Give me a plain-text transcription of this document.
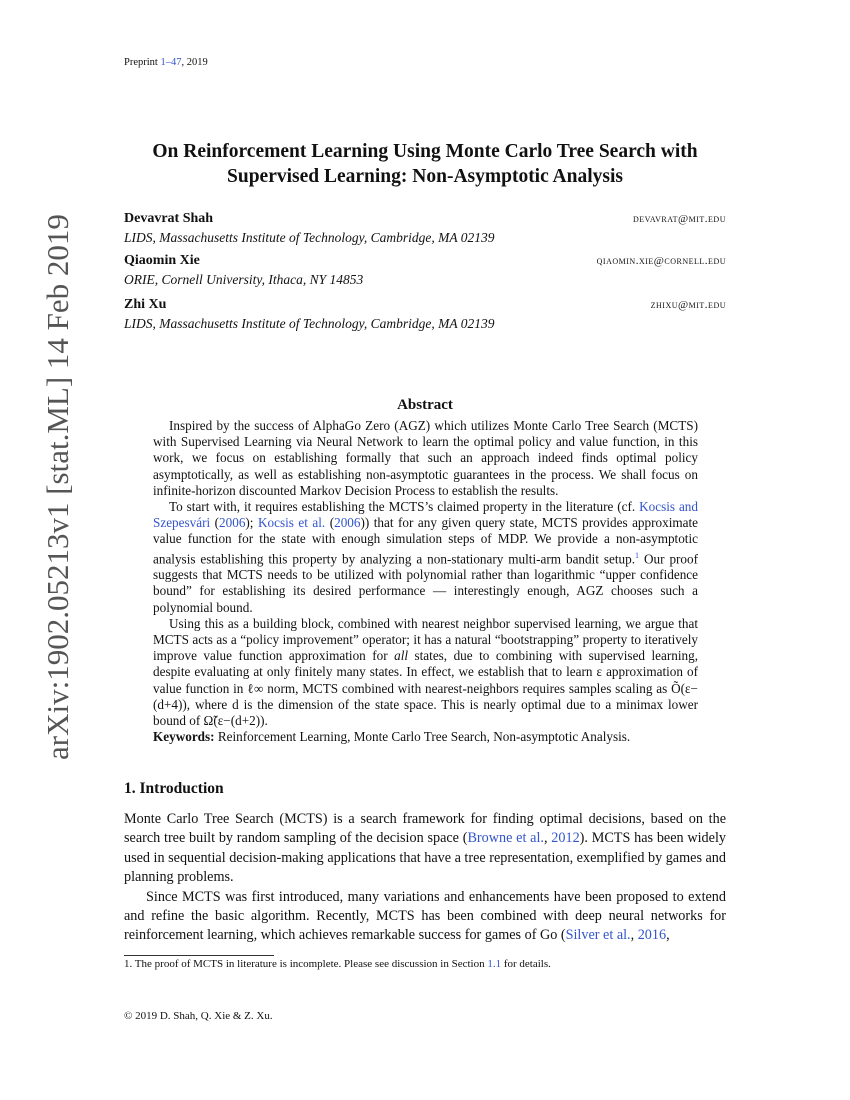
Preprint 1–47, 2019
arXiv:1902.05213v1 [stat.ML] 14 Feb 2019
On Reinforcement Learning Using Monte Carlo Tree Search with
Supervised Learning: Non-Asymptotic Analysis
Devavrat Shah	devavrat@mit.edu
LIDS, Massachusetts Institute of Technology, Cambridge, MA 02139
Qiaomin Xie	qiaomin.xie@cornell.edu
ORIE, Cornell University, Ithaca, NY 14853
Zhi Xu	zhixu@mit.edu
LIDS, Massachusetts Institute of Technology, Cambridge, MA 02139
Abstract

Inspired by the success of AlphaGo Zero (AGZ) which utilizes Monte Carlo Tree Search (MCTS) with Supervised Learning via Neural Network to learn the optimal policy and value function, in this work, we focus on establishing formally that such an approach indeed finds optimal policy asymptotically, as well as establishing non-asymptotic guarantees in the process. We shall focus on infinite-horizon discounted Markov Decision Process to establish the results.

To start with, it requires establishing the MCTS’s claimed property in the literature (cf. Kocsis and Szepesvári (2006); Kocsis et al. (2006)) that for any given query state, MCTS provides approximate value function for the state with enough simulation steps of MDP. We provide a non-asymptotic analysis establishing this property by analyzing a non-stationary multi-arm bandit setup.$^1$ Our proof suggests that MCTS needs to be utilized with polynomial rather than logarithmic “upper confidence bound” for establishing its desired performance — interestingly enough, AGZ chooses such a polynomial bound.

Using this as a building block, combined with nearest neighbor supervised learning, we argue that MCTS acts as a “policy improvement” operator; it has a natural “bootstrapping” property to iteratively improve value function approximation for all states, due to combining with supervised learning, despite evaluating at only finitely many states. In effect, we establish that to learn ε approximation of value function in ℓ∞ norm, MCTS combined with nearest-neighbors requires samples scaling as Õ(ε−(d+4)), where d is the dimension of the state space. This is nearly optimal due to a minimax lower bound of Ω̃(ε−(d+2)).

Keywords: Reinforcement Learning, Monte Carlo Tree Search, Non-asymptotic Analysis.

1. Introduction

Monte Carlo Tree Search (MCTS) is a search framework for finding optimal decisions, based on the search tree built by random sampling of the decision space (Browne et al., 2012). MCTS has been widely used in sequential decision-making applications that have a tree representation, exemplified by games and planning problems.

Since MCTS was first introduced, many variations and enhancements have been proposed to extend and refine the basic algorithm. Recently, MCTS has been combined with deep neural networks for reinforcement learning, which achieves remarkable success for games of Go (Silver et al., 2016,

1. The proof of MCTS in literature is incomplete. Please see discussion in Section 1.1 for details.
© 2019 D. Shah, Q. Xie & Z. Xu.
